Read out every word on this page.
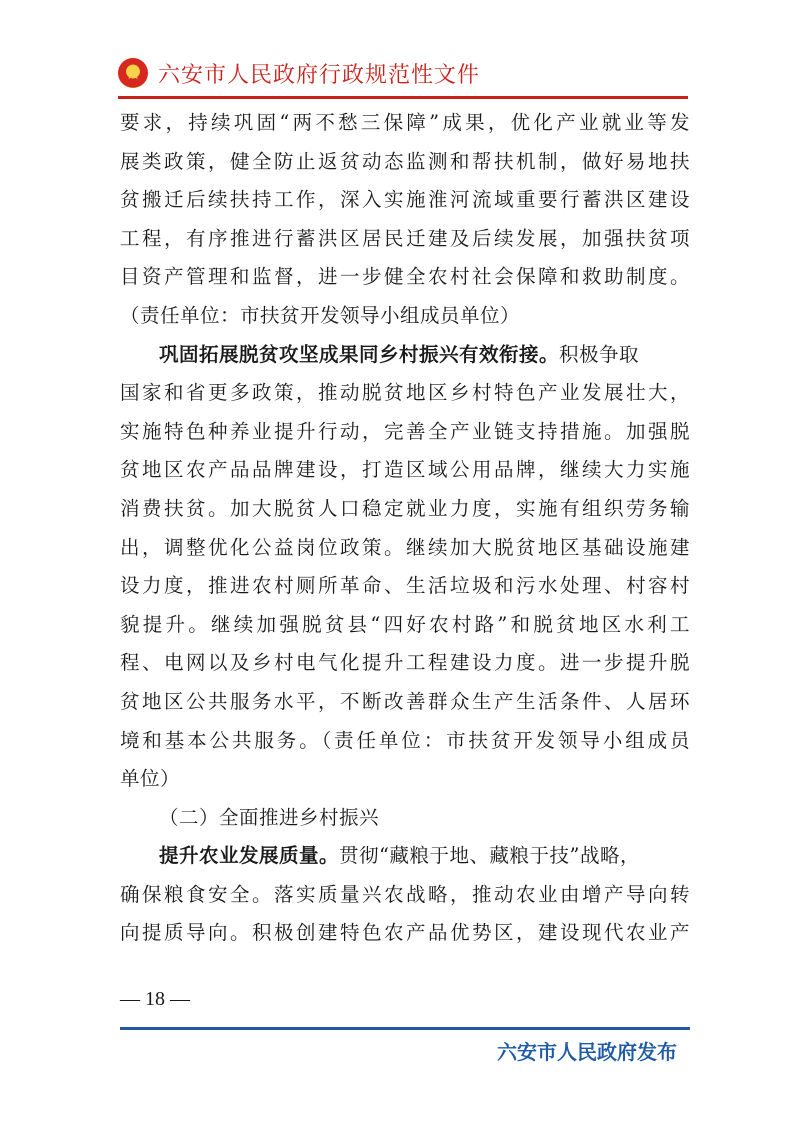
六安市人民政府行政规范性文件
要求，持续巩固“两不愁三保障”成果，优化产业就业等发
展类政策，健全防止返贫动态监测和帮扶机制，做好易地扶
贫搬迁后续扶持工作，深入实施淮河流域重要行蓄洪区建设
工程，有序推进行蓄洪区居民迁建及后续发展，加强扶贫项
目资产管理和监督，进一步健全农村社会保障和救助制度。
（责任单位：市扶贫开发领导小组成员单位）
巩固拓展脱贫攻坚成果同乡村振兴有效衔接。积极争取
国家和省更多政策，推动脱贫地区乡村特色产业发展壮大，
实施特色种养业提升行动，完善全产业链支持措施。加强脱
贫地区农产品品牌建设，打造区域公用品牌，继续大力实施
消费扶贫。加大脱贫人口稳定就业力度，实施有组织劳务输
出，调整优化公益岗位政策。继续加大脱贫地区基础设施建
设力度，推进农村厕所革命、生活垃圾和污水处理、村容村
貌提升。继续加强脱贫县“四好农村路”和脱贫地区水利工
程、电网以及乡村电气化提升工程建设力度。进一步提升脱
贫地区公共服务水平，不断改善群众生产生活条件、人居环
境和基本公共服务。（责任单位：市扶贫开发领导小组成员
单位）
（二）全面推进乡村振兴
提升农业发展质量。贯彻“藏粮于地、藏粮于技”战略，
确保粮食安全。落实质量兴农战略，推动农业由增产导向转
向提质导向。积极创建特色农产品优势区，建设现代农业产
— 18 —
六安市人民政府发布
